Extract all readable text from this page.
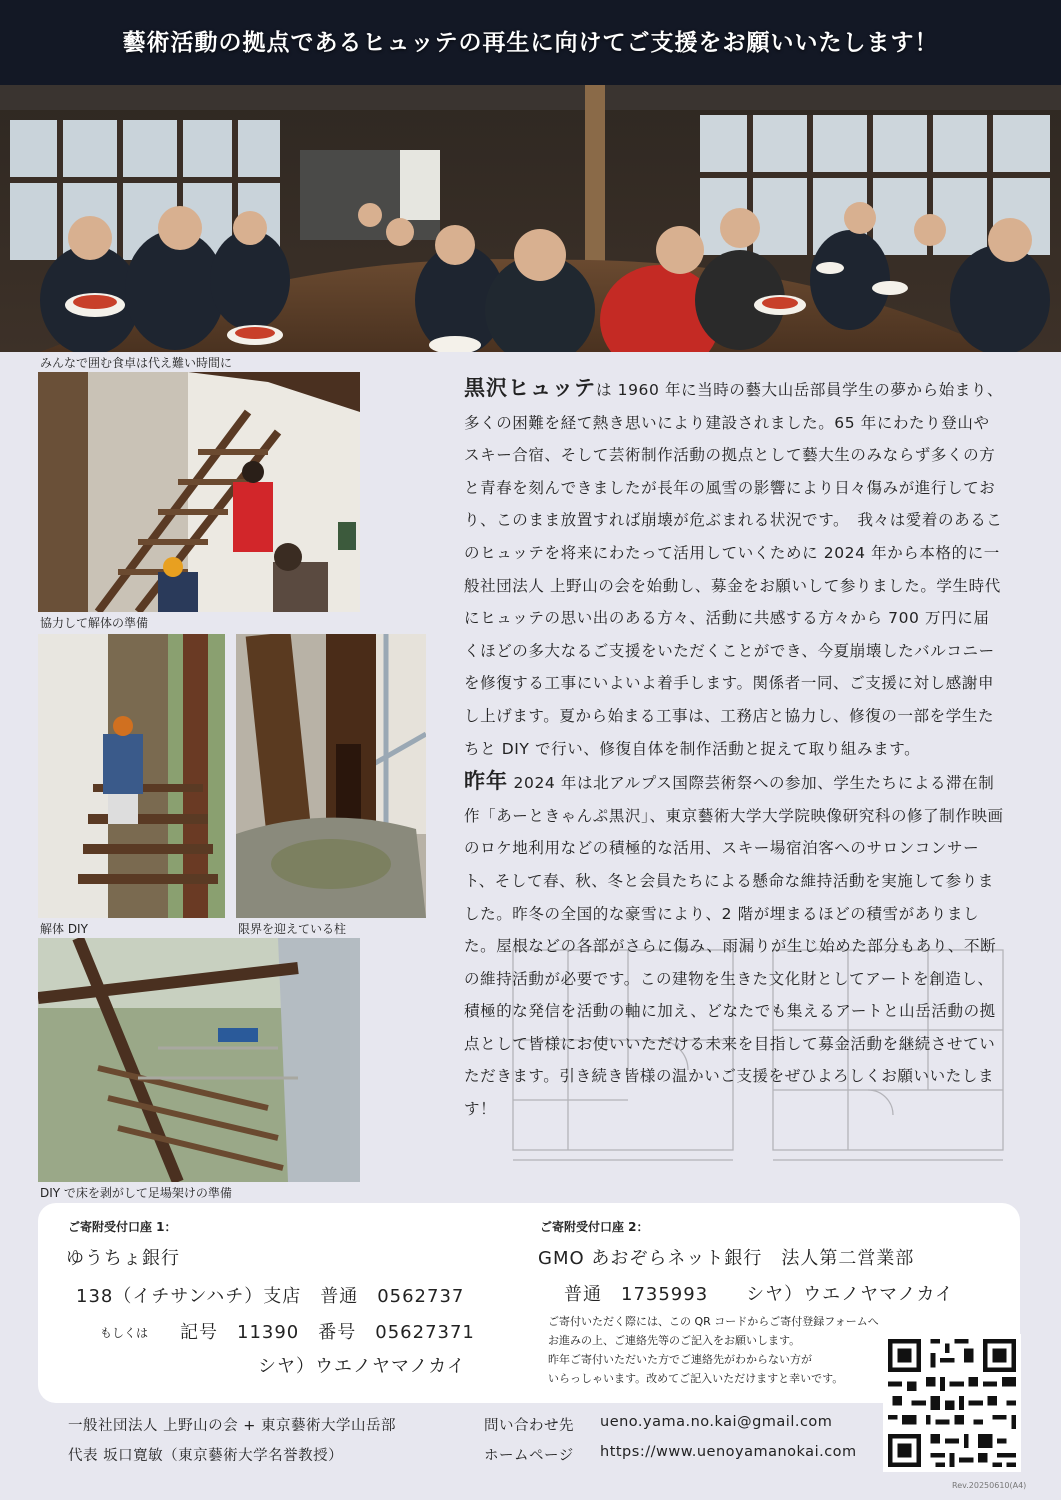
藝術活動の拠点であるヒュッテの再生に向けてご支援をお願いいたします！
みんなで囲む食卓は代え難い時間に
協力して解体の準備
解体 DIY	限界を迎えている柱
DIY で床を剥がして足場架けの準備

黒沢ヒュッテは 1960 年に当時の藝大山岳部員学生の夢から始まり、多くの困難を経て熱き思いにより建設されました。65 年にわたり登山やスキー合宿、そして芸術制作活動の拠点として藝大生のみならず多くの方と青春を刻んできましたが長年の風雪の影響により日々傷みが進行しており、このまま放置すれば崩壊が危ぶまれる状況です。　我々は愛着のあるこのヒュッテを将来にわたって活用していくために 2024 年から本格的に一般社団法人 上野山の会を始動し、募金をお願いして参りました。学生時代にヒュッテの思い出のある方々、活動に共感する方々から 700 万円に届くほどの多大なるご支援をいただくことができ、今夏崩壊したバルコニーを修復する工事にいよいよ着手します。関係者一同、ご支援に対し感謝申し上げます。夏から始まる工事は、工務店と協力し、修復の一部を学生たちと DIY で行い、修復自体を制作活動と捉えて取り組みます。

昨年 2024 年は北アルプス国際芸術祭への参加、学生たちによる滞在制作「あーときゃんぷ黒沢」、東京藝術大学大学院映像研究科の修了制作映画のロケ地利用などの積極的な活用、スキー場宿泊客へのサロンコンサート、そして春、秋、冬と会員たちによる懸命な維持活動を実施して参りました。昨冬の全国的な豪雪により、2 階が埋まるほどの積雪がありました。屋根などの各部がさらに傷み、雨漏りが生じ始めた部分もあり、不断の維持活動が必要です。この建物を生きた文化財としてアートを創造し、積極的な発信を活動の軸に加え、どなたでも集えるアートと山岳活動の拠点として皆様にお使いいただける未来を目指して募金活動を継続させていただきます。引き続き皆様の温かいご支援をぜひよろしくお願いいたします！

ご寄附受付口座 1：
ゆうちょ銀行
138（イチサンハチ）支店　普通　0562737
もしくは 記号　11390　番号　05627371
シヤ）ウエノヤマノカイ
ご寄附受付口座 2：
GMO あおぞらネット銀行　法人第二営業部
普通　1735993　　シヤ）ウエノヤマノカイ
ご寄付いただく際には、この QR コードからご寄付登録フォームへ
お進みの上、ご連絡先等のご記入をお願いします。
昨年ご寄付いただいた方でご連絡先がわからない方が
いらっしゃいます。改めてご記入いただけますと幸いです。
一般社団法人 上野山の会 + 東京藝術大学山岳部
代表 坂口寛敏（東京藝術大学名誉教授）
問い合わせ先 ueno.yama.no.kai@gmail.com
ホームページ https://www.uenoyamanokai.com
Rev.20250610(A4)
